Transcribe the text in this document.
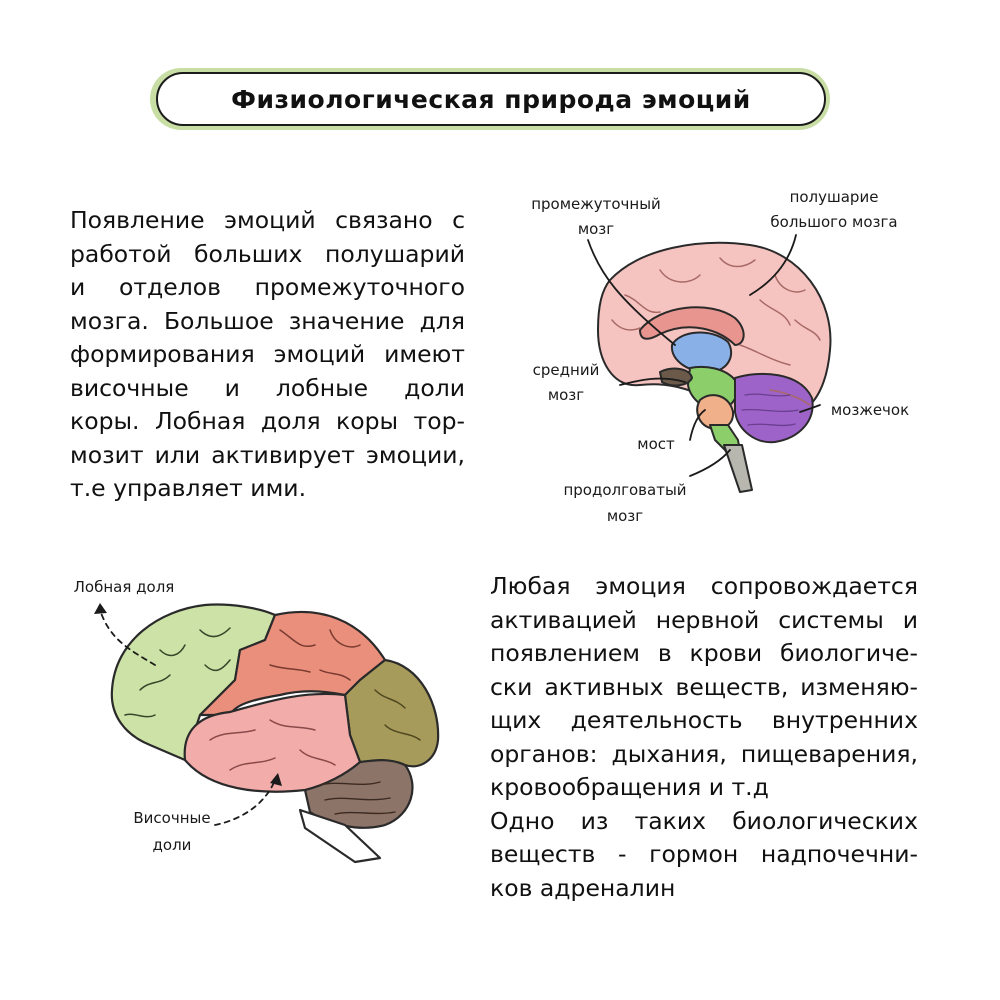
Физиологическая природа эмоций

Появление эмоций связано с
работой больших полушарий
и отделов промежуточного
мозга. Большое значение для
формирования эмоций имеют
височные и лобные доли
коры. Лобная доля коры тор-
мозит или активирует эмоции,
т.е управляет ими.

Любая эмоция сопровождается
активацией нервной системы и
появлением в крови биологиче-
ски активных веществ, изменяю-
щих деятельность внутренних
органов: дыхания, пищеварения,
кровообращения и т.д
Одно из таких биологических
веществ - гормон надпочечни-
ков адреналин

промежуточный
мозг
полушарие
большого мозга
средний
мозг
мозжечок
мост
продолговатый
мозг
Лобная доля
Височные
доли
